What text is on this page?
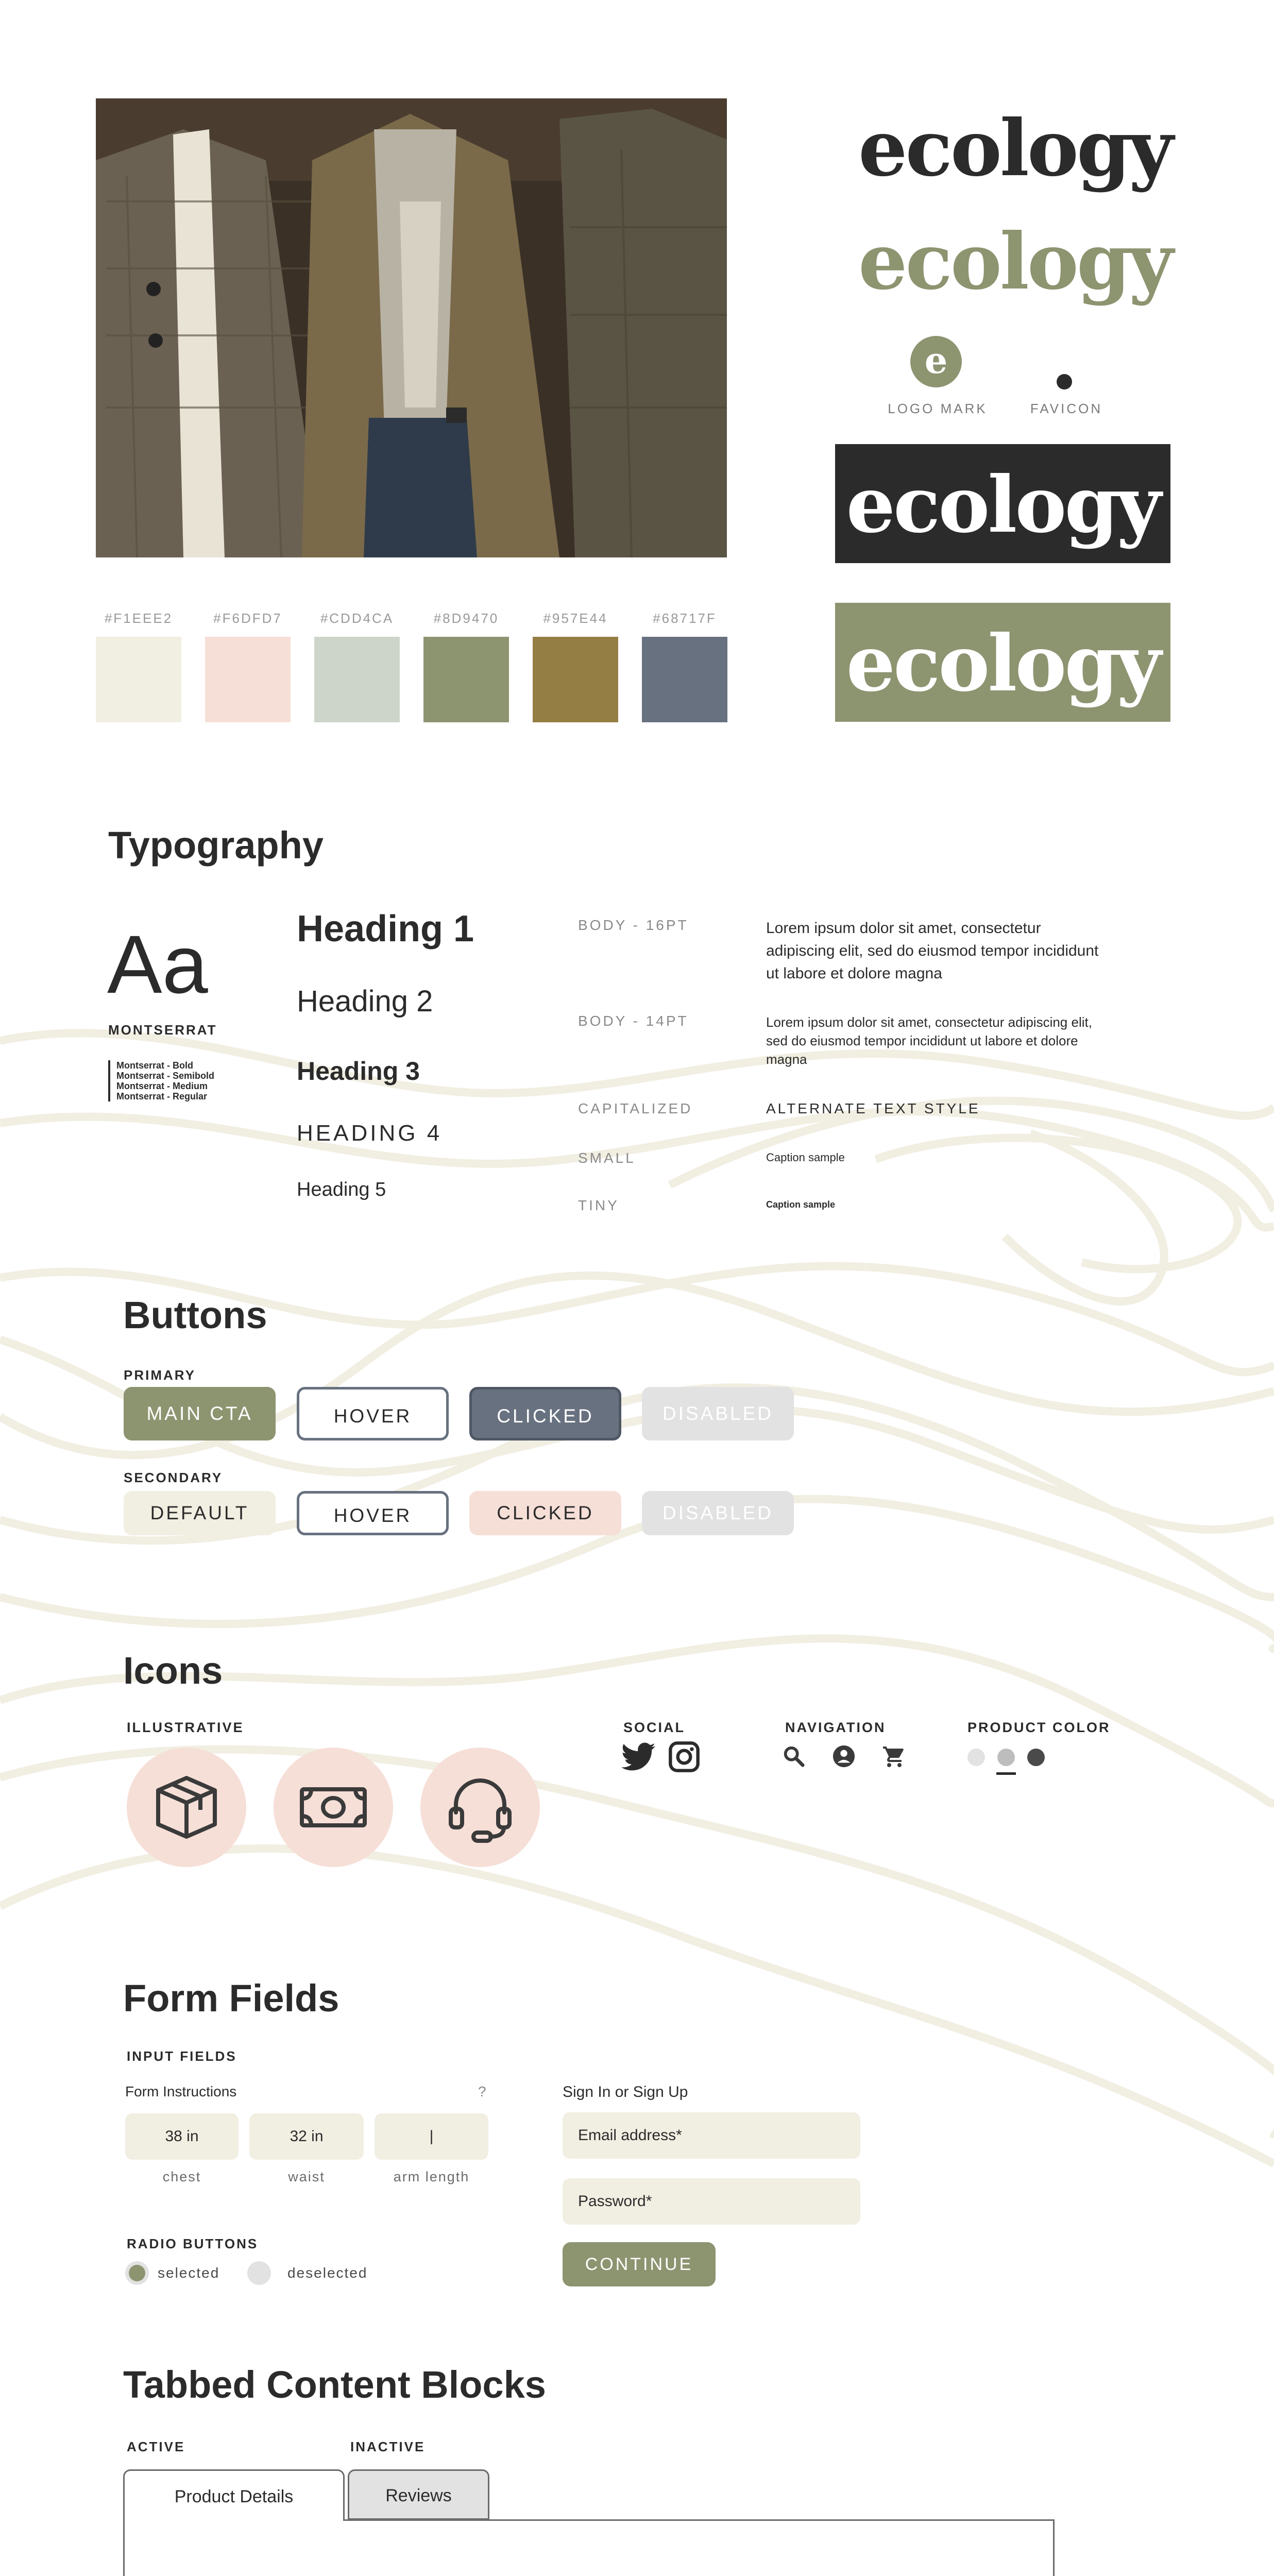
ecology
ecology
e
LOGO MARK	FAVICON
ecology
ecology
#F1EEE2	#F6DFD7	#CDD4CA	#8D9470	#957E44	#68717F
Typography
Aa
MONTSERRAT
Montserrat - Bold
Montserrat - Semibold
Montserrat - Medium
Montserrat - Regular
Heading 1
Heading 2
Heading 3
HEADING 4
Heading 5
BODY - 16PT	Lorem ipsum dolor sit amet, consectetur adipiscing elit, sed do eiusmod tempor incididunt ut labore et dolore magna
BODY - 14PT	Lorem ipsum dolor sit amet, consectetur adipiscing elit, sed do eiusmod tempor incididunt ut labore et dolore magna
CAPITALIZED	ALTERNATE TEXT STYLE
SMALL	Caption sample
TINY	Caption sample
Buttons
PRIMARY
MAIN CTA	HOVER	CLICKED	DISABLED
SECONDARY
DEFAULT	HOVER	CLICKED	DISABLED
Icons
ILLUSTRATIVE	SOCIAL	NAVIGATION	PRODUCT COLOR
Form Fields
INPUT FIELDS
Form Instructions	?
38 in	32 in	|
chest	waist	arm length
RADIO BUTTONS
selected	deselected
Sign In or Sign Up
Email address*
Password*
CONTINUE
Tabbed Content Blocks
ACTIVE	INACTIVE
Product Details	Reviews
